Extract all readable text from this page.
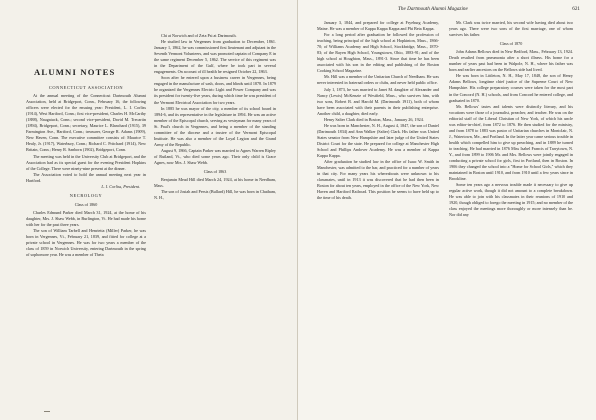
ALUMNI NOTES
CONNECTICUT ASSOCIATION
At the annual meeting of the Connecticut Dartmouth Alumni Association, held at Bridgeport, Conn., February 16, the following officers were elected for the ensuing year: President, L. I. Corliss (1914), West Hartford, Conn.; first vice-president, Charles H. McCarthy (1888), Naugatuck, Conn.; second vice-president, David M. Trecartin (1894), Bridgeport, Conn.; secretary, Maurice L. Blanchard (1915), 39 Farmington Ave., Hartford, Conn.; treasurer, George R. Adams (1909), New Haven, Conn. The executive committee consists of: Maurice T. Healy, Jr. (1917), Waterbury, Conn.; Richard C. Pritchard (1914), New Britain, Conn.; Henry R. Sanborn (1902), Bridgeport, Conn.
The meeting was held in the University Club at Bridgeport, and the Association had as its special guest for the evening President Hopkins of the College. There were ninety-nine present at the dinner.
The Association voted to hold the annual meeting next year in Hartford.
L. I. Corliss, President.
NECROLOGY
Class of 1860
Charles Edmund Parker died March 31, 1924, at the home of his daughter, Mrs. J. Shaw Webb, in Burlington, Vt. He had made his home with her for the past three years.
The son of William Tarbell and Henrietta (Miller) Parker, he was born in Vergennes, Vt., February 21, 1839, and fitted for college at a private school in Vergennes. He was for two years a member of the class of 1859 in Norwich University, entering Dartmouth in the spring of sophomore year. He was a member of Theta
Chi at Norwich and of Zeta Psi at Dartmouth.
He studied law in Vergennes from graduation to December, 1861. January 1, 1862, he was commissioned first lieutenant and adjutant in the Seventh Vermont Volunteers, and was promoted captain of Company E in the same regiment December 5, 1862. The service of this regiment was in the Department of the Gulf, where he took part in several engagements. On account of ill health he resigned October 22, 1863.
Soon after he entered upon a business career in Vergennes, being engaged in the manufacture of sash, doors, and blinds until 1878. In 1879 he organized the Vergennes Electric Light and Power Company and was its president for twenty-five years, during which time he was president of the Vermont Electrical Association for two years.
In 1885 he was mayor of the city, a member of its school board in 1894-6, and its representative in the legislature in 1894. He was an active member of the Episcopal church, serving as vestryman for many years of St. Paul's church in Vergennes, and being a member of the standing committee of the diocese and a trustee of the Vermont Episcopal Institute. He was also a member of the Loyal Legion and the Grand Army of the Republic.
August 9, 1866, Captain Parker was married to Agnes Warren Ripley of Rutland, Vt., who died some years ago. Their only child is Grace Agnes, now Mrs. J. Shaw Webb.
Class of 1863
Benjamin Mead Hill died March 24, 1924, at his home in Needham, Mass.
The son of Josiah and Persis (Bullard) Hill, he was born in Chatham, N. H.,
The Dartmouth Alumni Magazine	621
January 3, 1844, and prepared for college at Fryeburg Academy, Maine. He was a member of Kappa Kappa Kappa and Phi Beta Kappa.
For a long period after graduation he followed the profession of teaching, being principal of the high school at Hopkinton, Mass., 1866-70; of Williams Academy and High School, Stockbridge, Mass., 1870-83; of the Rayen High School, Youngstown, Ohio, 1883-91; and of the high school at Houghton, Mass., 1891-3. Since that time he has been associated with his son in the editing and publishing of the Boston Cooking School Magazine.
Mr. Hill was a member of the Unitarian Church of Needham. He was never interested in fraternal orders or clubs, and never held public office.
July 1, 1873, he was married to Janet M. daughter of Alexander and Nancy (Lewis) McKenzie of Westfield, Mass., who survives him, with two sons, Robert B. and Harold M. (Dartmouth 1911), both of whom have been associated with their parents in their publishing enterprise. Another child, a daughter, died early.
Henry Salter Clark died in Boston, Mass., January 26, 1924.
He was born in Manchester, N. H., August 4, 1847, the son of Daniel (Dartmouth 1834) and Ann Walker (Salter) Clark. His father was United States senator from New Hampshire and later judge of the United States District Court for the state. He prepared for college at Manchester High School and Phillips Andover Academy. He was a member of Kappa Kappa Kappa.
After graduation he studied law in the office of Isaac W. Smith in Manchester, was admitted to the bar, and practiced for a number of years in that city. For many years his whereabouts were unknown to his classmates, until in 1913 it was discovered that he had then been in Boston for about ten years, employed in the office of the New York, New Haven and Hartford Railroad. This position he seems to have held up to the time of his death.
Mr. Clark was twice married, his second wife having died about two years ago. There were two sons of the first marriage, one of whom survives his father.
Class of 1870
John Adams Bellows died in New Bedford, Mass., February 13, 1924. Death resulted from pneumonia after a short illness. His home for a number of years past had been in Walpole, N. H., where his father was born and earlier ancestors on the Bellows side had lived.
He was born in Littleton, N. H., May 17, 1848, the son of Henry Adams Bellows, longtime chief justice of the Supreme Court of New Hampshire. His college preparatory courses were taken for the most part in the Concord (N. H.) schools, and from Concord he entered college, and graduated in 1870.
Mr. Bellows' tastes and talents were distinctly literary, and his vocations were those of a journalist, preacher, and teacher. He was on the editorial staff of the Liberal Christian of New York, of which his uncle was editor-in-chief, from 1872 to 1876. He then studied for the ministry, and from 1878 to 1883 was pastor of Unitarian churches in Montclair, N. J., Watertown, Me., and Portland. In the latter year came serious trouble in health which compelled him to give up preaching, and in 1889 he turned to teaching. He had married in 1876 Miss Isabel Francis of Tarrytown, N. Y., and from 1899 to 1906 Mr. and Mrs. Bellows were jointly engaged in conducting a private school for girls, first in Portland, then in Boston. In 1906 they changed the school into a "Home for School Girls," which they maintained in Boston until 1910, and from 1910 until a few years since in Brookline.
Some ten years ago a nervous trouble made it necessary to give up regular active work, though it did not amount to a complete breakdown. He was able to join with his classmates in their reunions of 1910 and 1920, though obliged to forego the meeting in 1915; and no member of the class enjoyed the meetings more thoroughly or more intensely than he. Nor did any
